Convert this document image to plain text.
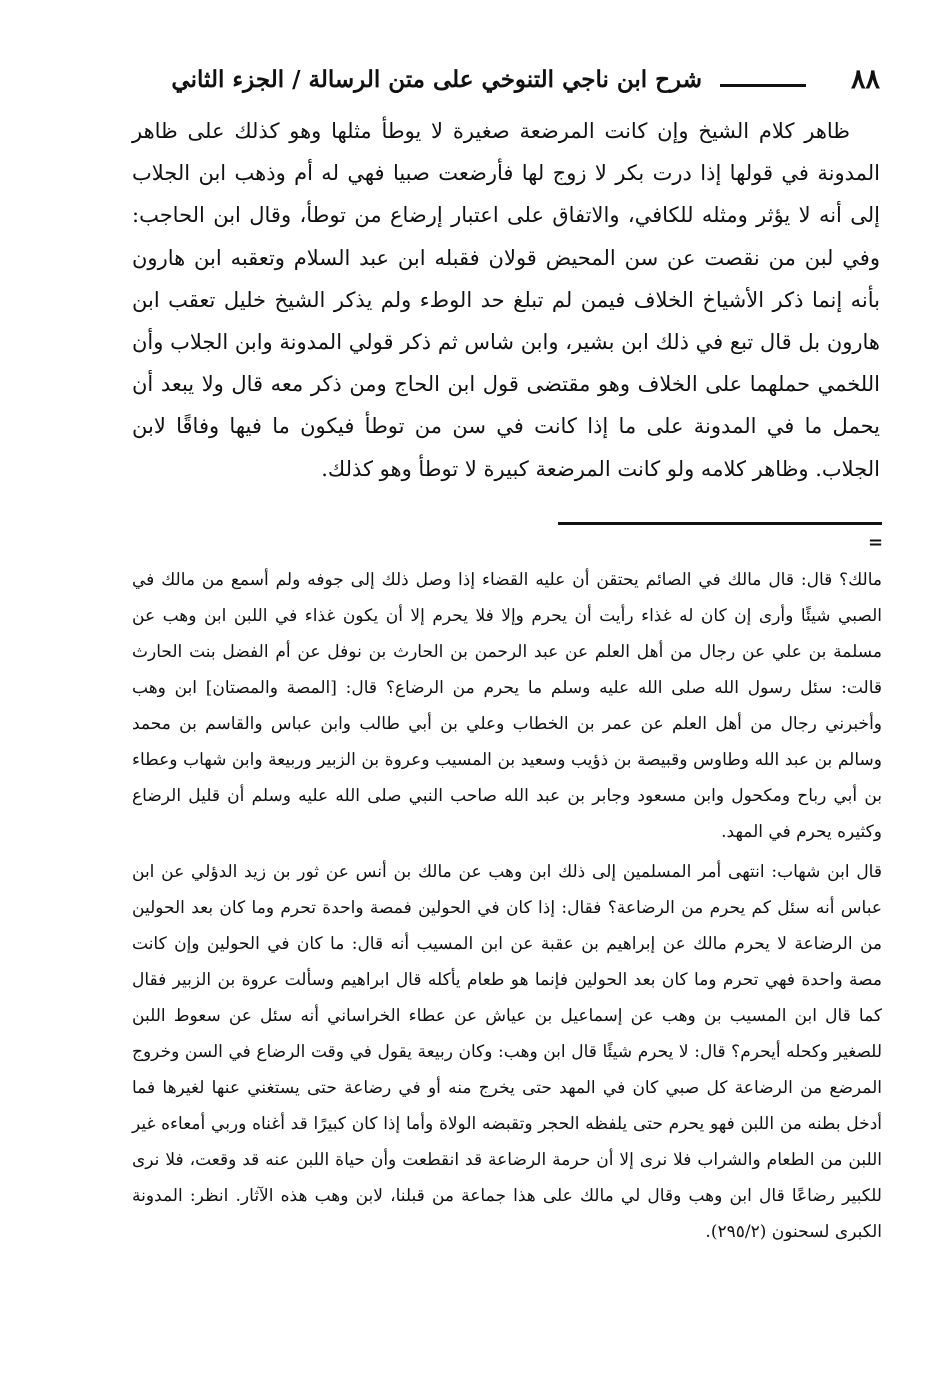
٨٨
شرح ابن ناجي التنوخي على متن الرسالة / الجزء الثاني

ظاهر كلام الشيخ وإن كانت المرضعة صغيرة لا يوطأ مثلها وهو كذلك على ظاهر المدونة في قولها إذا درت بكر لا زوج لها فأرضعت صبيا فهي له أم وذهب ابن الجلاب إلى أنه لا يؤثر ومثله للكافي، والاتفاق على اعتبار إرضاع من توطأ، وقال ابن الحاجب: وفي لبن من نقصت عن سن المحيض قولان فقبله ابن عبد السلام وتعقبه ابن هارون بأنه إنما ذكر الأشياخ الخلاف فيمن لم تبلغ حد الوطء ولم يذكر الشيخ خليل تعقب ابن هارون بل قال تبع في ذلك ابن بشير، وابن شاس ثم ذكر قولي المدونة وابن الجلاب وأن اللخمي حملهما على الخلاف وهو مقتضى قول ابن الحاج ومن ذكر معه قال ولا يبعد أن يحمل ما في المدونة على ما إذا كانت في سن من توطأ فيكون ما فيها وفاقًا لابن الجلاب. وظاهر كلامه ولو كانت المرضعة كبيرة لا توطأ وهو كذلك.

=

مالك؟ قال: قال مالك في الصائم يحتقن أن عليه القضاء إذا وصل ذلك إلى جوفه ولم أسمع من مالك في الصبي شيئًا وأرى إن كان له غذاء رأيت أن يحرم وإلا فلا يحرم إلا أن يكون غذاء في اللبن ابن وهب عن مسلمة بن علي عن رجال من أهل العلم عن عبد الرحمن بن الحارث بن نوفل عن أم الفضل بنت الحارث قالت: سئل رسول الله صلى الله عليه وسلم ما يحرم من الرضاع؟ قال: [المصة والمصتان] ابن وهب وأخبرني رجال من أهل العلم عن عمر بن الخطاب وعلي بن أبي طالب وابن عباس والقاسم بن محمد وسالم بن عبد الله وطاوس وقبيصة بن ذؤيب وسعيد بن المسيب وعروة بن الزبير وربيعة وابن شهاب وعطاء بن أبي رباح ومكحول وابن مسعود وجابر بن عبد الله صاحب النبي صلى الله عليه وسلم أن قليل الرضاع وكثيره يحرم في المهد.

قال ابن شهاب: انتهى أمر المسلمين إلى ذلك ابن وهب عن مالك بن أنس عن ثور بن زيد الدؤلي عن ابن عباس أنه سئل كم يحرم من الرضاعة؟ فقال: إذا كان في الحولين فمصة واحدة تحرم وما كان بعد الحولين من الرضاعة لا يحرم مالك عن إبراهيم بن عقبة عن ابن المسيب أنه قال: ما كان في الحولين وإن كانت مصة واحدة فهي تحرم وما كان بعد الحولين فإنما هو طعام يأكله قال ابراهيم وسألت عروة بن الزبير فقال كما قال ابن المسيب بن وهب عن إسماعيل بن عياش عن عطاء الخراساني أنه سئل عن سعوط اللبن للصغير وكحله أيحرم؟ قال: لا يحرم شيئًا قال ابن وهب: وكان ربيعة يقول في وقت الرضاع في السن وخروج المرضع من الرضاعة كل صبي كان في المهد حتى يخرج منه أو في رضاعة حتى يستغني عنها لغيرها فما أدخل بطنه من اللبن فهو يحرم حتى يلفظه الحجر وتقبضه الولاة وأما إذا كان كبيرًا قد أغناه وربي أمعاءه غير اللبن من الطعام والشراب فلا نرى إلا أن حرمة الرضاعة قد انقطعت وأن حياة اللبن عنه قد وقعت، فلا نرى للكبير رضاعًا قال ابن وهب وقال لي مالك على هذا جماعة من قبلنا، لابن وهب هذه الآثار. انظر: المدونة الكبرى لسحنون (٢٩٥/٢).
